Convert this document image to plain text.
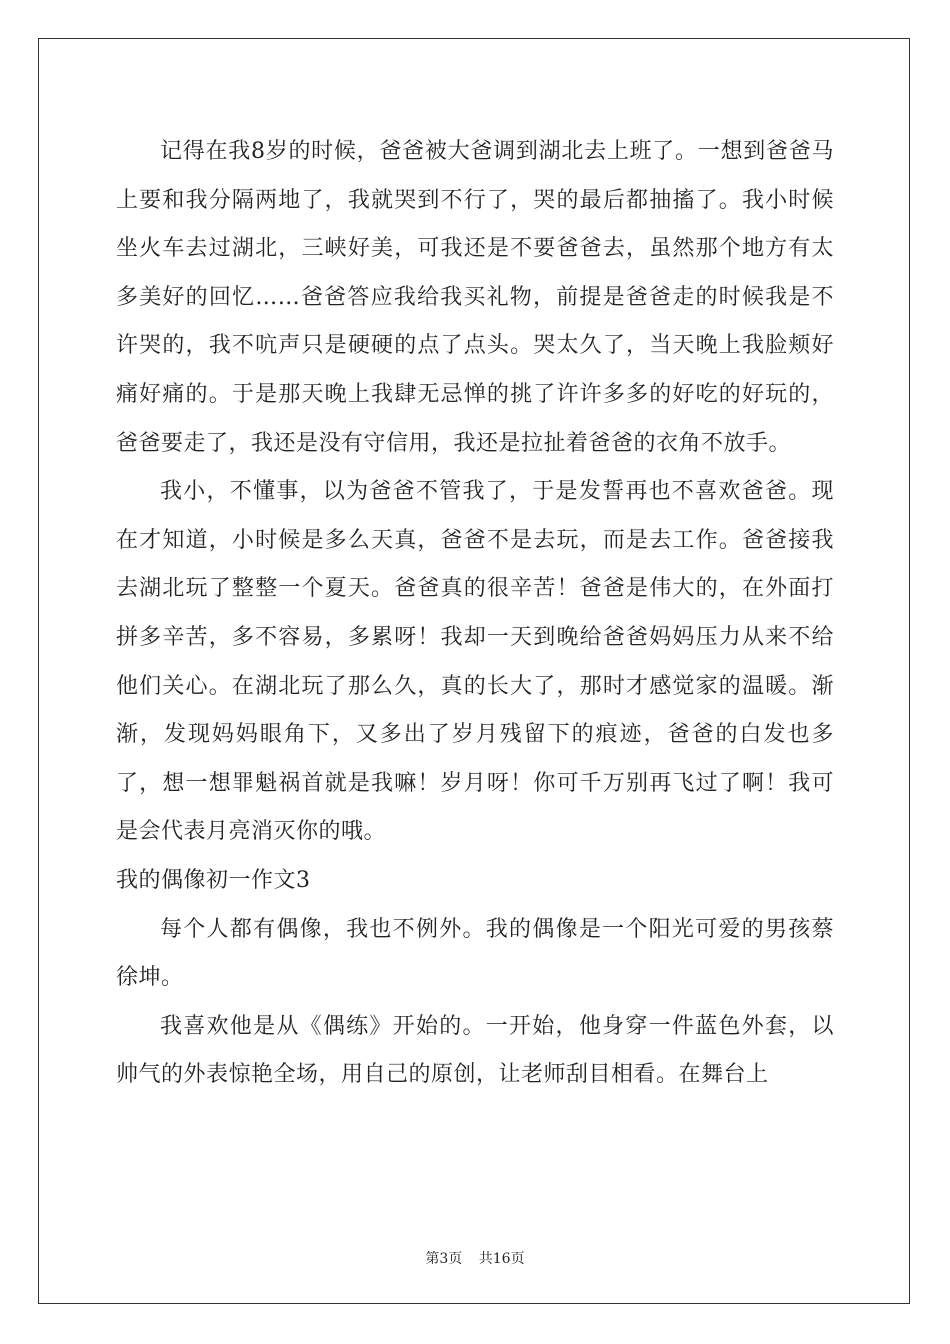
记得在我8岁的时候，爸爸被大爸调到湖北去上班了。一想到爸爸马上要和我分隔两地了，我就哭到不行了，哭的最后都抽搐了。我小时候坐火车去过湖北，三峡好美，可我还是不要爸爸去，虽然那个地方有太多美好的回忆……爸爸答应我给我买礼物，前提是爸爸走的时候我是不许哭的，我不吭声只是硬硬的点了点头。哭太久了，当天晚上我脸颊好痛好痛的。于是那天晚上我肆无忌惮的挑了许许多多的好吃的好玩的，爸爸要走了，我还是没有守信用，我还是拉扯着爸爸的衣角不放手。

我小，不懂事，以为爸爸不管我了，于是发誓再也不喜欢爸爸。现在才知道，小时候是多么天真，爸爸不是去玩，而是去工作。爸爸接我去湖北玩了整整一个夏天。爸爸真的很辛苦！爸爸是伟大的，在外面打拼多辛苦，多不容易，多累呀！我却一天到晚给爸爸妈妈压力从来不给他们关心。在湖北玩了那么久，真的长大了，那时才感觉家的温暖。渐渐，发现妈妈眼角下，又多出了岁月残留下的痕迹，爸爸的白发也多了，想一想罪魁祸首就是我嘛！岁月呀！你可千万别再飞过了啊！我可是会代表月亮消灭你的哦。

我的偶像初一作文3

每个人都有偶像，我也不例外。我的偶像是一个阳光可爱的男孩蔡徐坤。

我喜欢他是从《偶练》开始的。一开始，他身穿一件蓝色外套，以帅气的外表惊艳全场，用自己的原创，让老师刮目相看。在舞台上

第3页 共16页
